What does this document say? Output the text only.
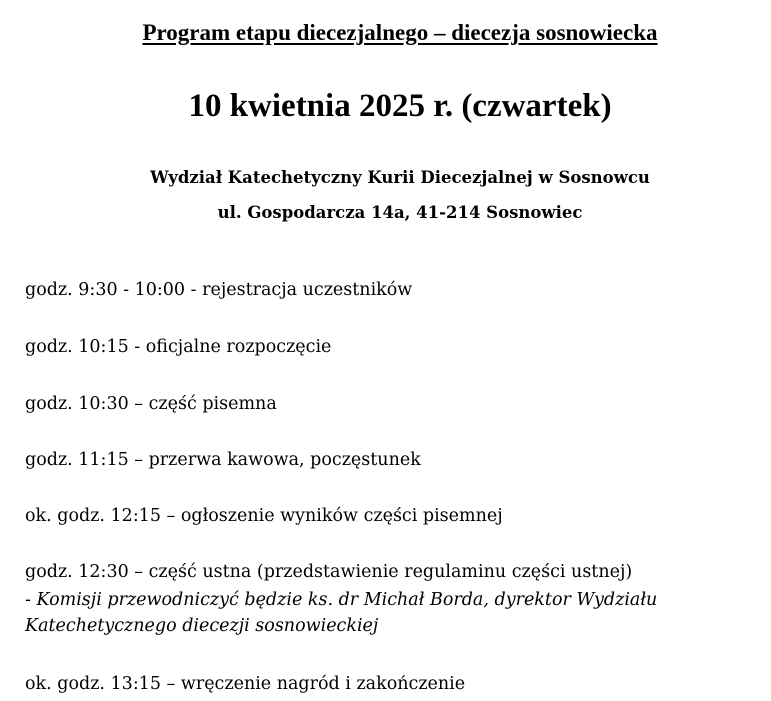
Program etapu diecezjalnego – diecezja sosnowiecka
10 kwietnia 2025 r. (czwartek)
Wydział Katechetyczny Kurii Diecezjalnej w Sosnowcu
ul. Gospodarcza 14a, 41-214 Sosnowiec
godz. 9:30 - 10:00 - rejestracja uczestników
godz. 10:15 - oficjalne rozpoczęcie
godz. 10:30 – część pisemna
godz. 11:15 – przerwa kawowa, poczęstunek
ok. godz. 12:15 – ogłoszenie wyników części pisemnej
godz. 12:30 – część ustna (przedstawienie regulaminu części ustnej)
- Komisji przewodniczyć będzie ks. dr Michał Borda, dyrektor Wydziału
Katechetycznego diecezji sosnowieckiej
ok. godz. 13:15 – wręczenie nagród i zakończenie
